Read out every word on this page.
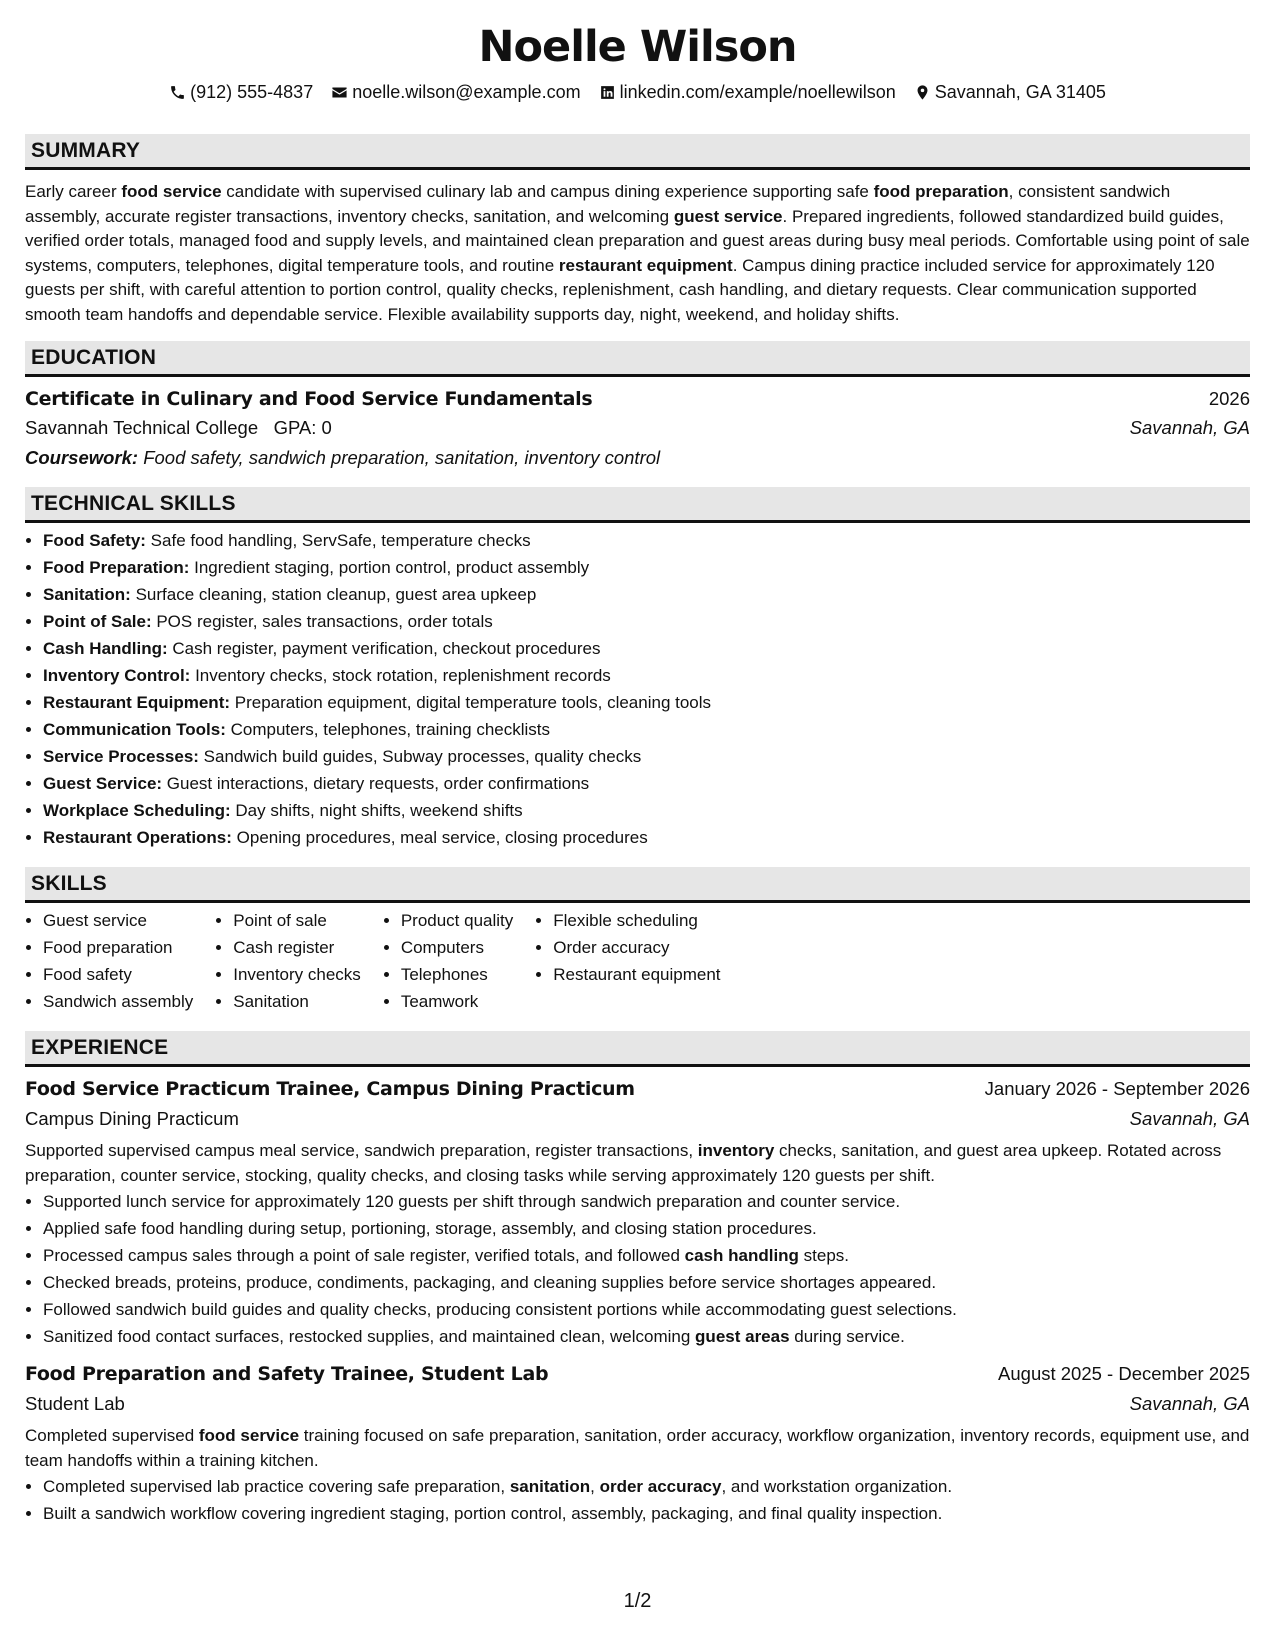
Noelle Wilson
(912) 555-4837 noelle.wilson@example.com linkedin.com/example/noellewilson Savannah, GA 31405
SUMMARY

Early career food service candidate with supervised culinary lab and campus dining experience supporting safe food preparation, consistent sandwich assembly, accurate register transactions, inventory checks, sanitation, and welcoming guest service. Prepared ingredients, followed standardized build guides, verified order totals, managed food and supply levels, and maintained clean preparation and guest areas during busy meal periods. Comfortable using point of sale systems, computers, telephones, digital temperature tools, and routine restaurant equipment. Campus dining practice included service for approximately 120 guests per shift, with careful attention to portion control, quality checks, replenishment, cash handling, and dietary requests. Clear communication supported smooth team handoffs and dependable service. Flexible availability supports day, night, weekend, and holiday shifts.

EDUCATION
Certificate in Culinary and Food Service Fundamentals	2026
Savannah Technical College GPA: 0	Savannah, GA
Coursework: Food safety, sandwich preparation, sanitation, inventory control
TECHNICAL SKILLS
• Food Safety: Safe food handling, ServSafe, temperature checks
• Food Preparation: Ingredient staging, portion control, product assembly
• Sanitation: Surface cleaning, station cleanup, guest area upkeep
• Point of Sale: POS register, sales transactions, order totals
• Cash Handling: Cash register, payment verification, checkout procedures
• Inventory Control: Inventory checks, stock rotation, replenishment records
• Restaurant Equipment: Preparation equipment, digital temperature tools, cleaning tools
• Communication Tools: Computers, telephones, training checklists
• Service Processes: Sandwich build guides, Subway processes, quality checks
• Guest Service: Guest interactions, dietary requests, order confirmations
• Workplace Scheduling: Day shifts, night shifts, weekend shifts
• Restaurant Operations: Opening procedures, meal service, closing procedures
SKILLS
• Guest service
• Food preparation
• Food safety
• Sandwich assembly
• Point of sale
• Cash register
• Inventory checks
• Sanitation
• Product quality
• Computers
• Telephones
• Teamwork
• Flexible scheduling
• Order accuracy
• Restaurant equipment
EXPERIENCE
Food Service Practicum Trainee, Campus Dining Practicum	January 2026 - September 2026
Campus Dining Practicum	Savannah, GA

Supported supervised campus meal service, sandwich preparation, register transactions, inventory checks, sanitation, and guest area upkeep. Rotated across preparation, counter service, stocking, quality checks, and closing tasks while serving approximately 120 guests per shift.

• Supported lunch service for approximately 120 guests per shift through sandwich preparation and counter service.
• Applied safe food handling during setup, portioning, storage, assembly, and closing station procedures.
• Processed campus sales through a point of sale register, verified totals, and followed cash handling steps.
• Checked breads, proteins, produce, condiments, packaging, and cleaning supplies before service shortages appeared.
• Followed sandwich build guides and quality checks, producing consistent portions while accommodating guest selections.
• Sanitized food contact surfaces, restocked supplies, and maintained clean, welcoming guest areas during service.
Food Preparation and Safety Trainee, Student Lab	August 2025 - December 2025
Student Lab	Savannah, GA

Completed supervised food service training focused on safe preparation, sanitation, order accuracy, workflow organization, inventory records, equipment use, and team handoffs within a training kitchen.

• Completed supervised lab practice covering safe preparation, sanitation, order accuracy, and workstation organization.
• Built a sandwich workflow covering ingredient staging, portion control, assembly, packaging, and final quality inspection.
1/2
